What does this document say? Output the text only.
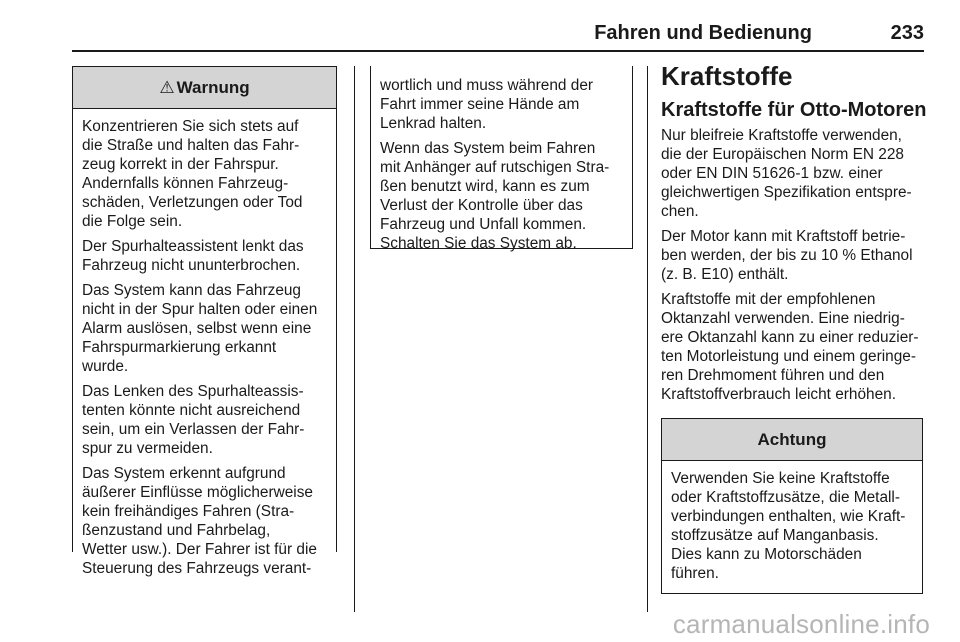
Fahren und Bedienung	233
⚠ Warnung

Konzentrieren Sie sich stets auf
die Straße und halten das Fahr-
zeug korrekt in der Fahrspur.
Andernfalls können Fahrzeug-
schäden, Verletzungen oder Tod
die Folge sein.

Der Spurhalteassistent lenkt das
Fahrzeug nicht ununterbrochen.

Das System kann das Fahrzeug
nicht in der Spur halten oder einen
Alarm auslösen, selbst wenn eine
Fahrspurmarkierung erkannt
wurde.

Das Lenken des Spurhalteassis-
tenten könnte nicht ausreichend
sein, um ein Verlassen der Fahr-
spur zu vermeiden.

Das System erkennt aufgrund
äußerer Einflüsse möglicherweise
kein freihändiges Fahren (Stra-
ßenzustand und Fahrbelag,
Wetter usw.). Der Fahrer ist für die
Steuerung des Fahrzeugs verant-

wortlich und muss während der
Fahrt immer seine Hände am
Lenkrad halten.

Wenn das System beim Fahren
mit Anhänger auf rutschigen Stra-
ßen benutzt wird, kann es zum
Verlust der Kontrolle über das
Fahrzeug und Unfall kommen.
Schalten Sie das System ab.

Kraftstoffe
Kraftstoffe für Otto-Motoren

Nur bleifreie Kraftstoffe verwenden,
die der Europäischen Norm EN 228
oder EN DIN 51626-1 bzw. einer
gleichwertigen Spezifikation entspre-
chen.

Der Motor kann mit Kraftstoff betrie-
ben werden, der bis zu 10 % Ethanol
(z. B. E10) enthält.

Kraftstoffe mit der empfohlenen
Oktanzahl verwenden. Eine niedrig-
ere Oktanzahl kann zu einer reduzier-
ten Motorleistung und einem geringe-
ren Drehmoment führen und den
Kraftstoffverbrauch leicht erhöhen.

Achtung

Verwenden Sie keine Kraftstoffe
oder Kraftstoffzusätze, die Metall-
verbindungen enthalten, wie Kraft-
stoffzusätze auf Manganbasis.
Dies kann zu Motorschäden
führen.

carmanualsonline.info
